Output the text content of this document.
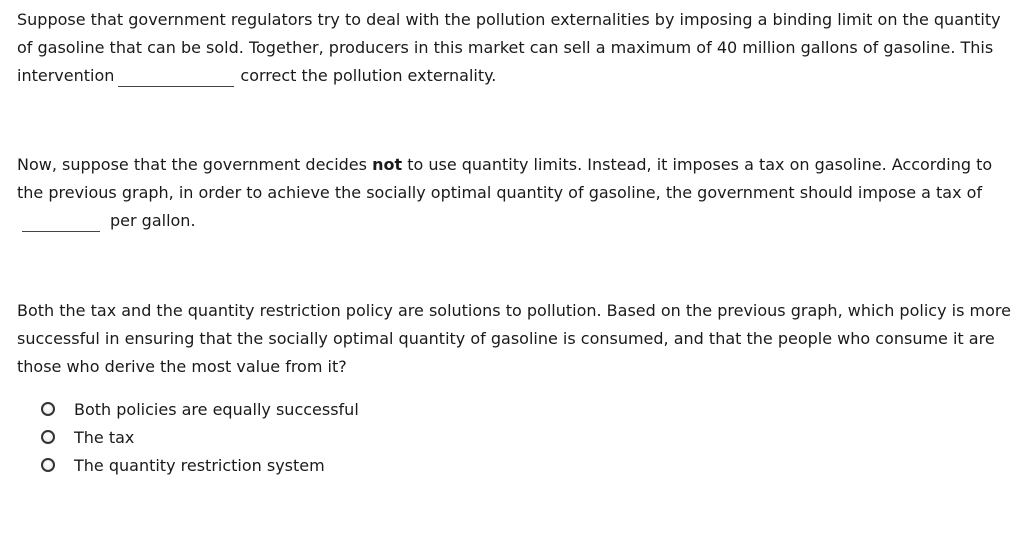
Suppose that government regulators try to deal with the pollution externalities by imposing a binding limit on the quantity of gasoline that can be sold. Together, producers in this market can sell a maximum of 40 million gallons of gasoline. This intervention	correct the pollution externality.

Now, suppose that the government decides not to use quantity limits. Instead, it imposes a tax on gasoline. According to the previous graph, in order to achieve the socially optimal quantity of gasoline, the government should impose a tax ofper gallon.

Both the tax and the quantity restriction policy are solutions to pollution. Based on the previous graph, which policy is more successful in ensuring that the socially optimal quantity of gasoline is consumed, and that the people who consume it are those who derive the most value from it?

Both policies are equally successful
The tax
The quantity restriction system
